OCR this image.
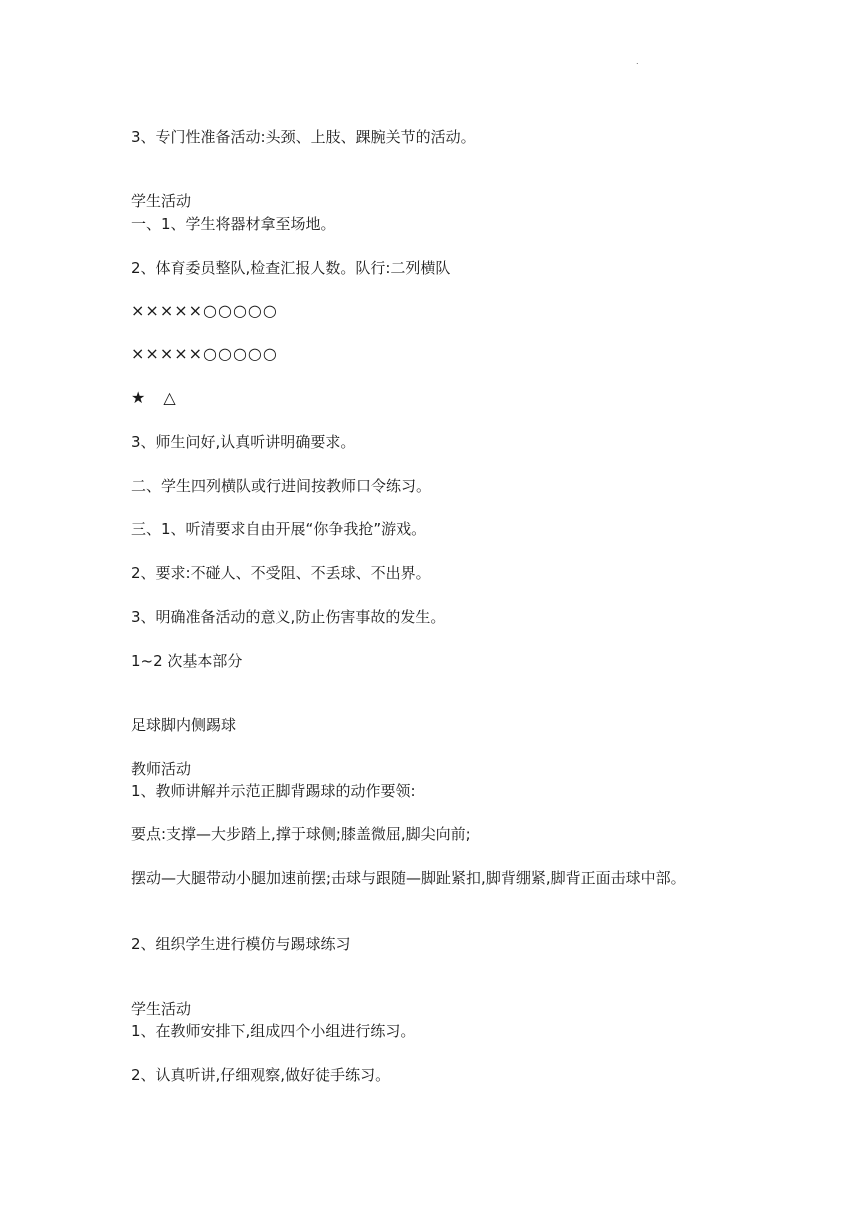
.

3、专门性准备活动:头颈、上肢、踝腕关节的活动。

学生活动

一、1、学生将器材拿至场地。

2、体育委员整队,检查汇报人数。队行:二列横队

×××××○○○○○

×××××○○○○○

★　△

3、师生问好,认真听讲明确要求。

二、学生四列横队或行进间按教师口令练习。

三、1、听清要求自由开展“你争我抢”游戏。

2、要求:不碰人、不受阻、不丢球、不出界。

3、明确准备活动的意义,防止伤害事故的发生。

1~2 次基本部分

足球脚内侧踢球

教师活动

1、教师讲解并示范正脚背踢球的动作要领:

要点:支撑—大步踏上,撑于球侧;膝盖微屈,脚尖向前;

摆动—大腿带动小腿加速前摆;击球与跟随—脚趾紧扣,脚背绷紧,脚背正面击球中部。

2、组织学生进行模仿与踢球练习

学生活动

1、在教师安排下,组成四个小组进行练习。

2、认真听讲,仔细观察,做好徒手练习。
